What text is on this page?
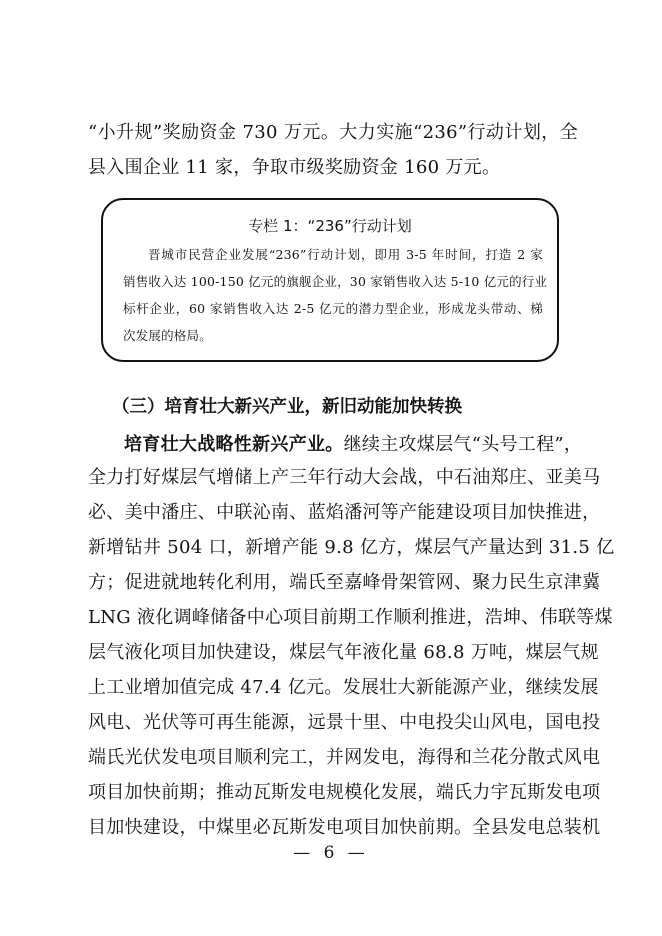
“小升规”奖励资金 730 万元。大力实施“236”行动计划，全
县入围企业 11 家，争取市级奖励资金 160 万元。
专栏 1：“236”行动计划
晋城市民营企业发展“236”行动计划，即用 3-5 年时间，打造 2 家
销售收入达 100-150 亿元的旗舰企业，30 家销售收入达 5-10 亿元的行业
标杆企业，60 家销售收入达 2-5 亿元的潜力型企业，形成龙头带动、梯
次发展的格局。
（三）培育壮大新兴产业，新旧动能加快转换
培育壮大战略性新兴产业。继续主攻煤层气“头号工程”，
全力打好煤层气增储上产三年行动大会战，中石油郑庄、亚美马
必、美中潘庄、中联沁南、蓝焰潘河等产能建设项目加快推进，
新增钻井 504 口，新增产能 9.8 亿方，煤层气产量达到 31.5 亿
方；促进就地转化利用，端氏至嘉峰骨架管网、聚力民生京津冀
LNG 液化调峰储备中心项目前期工作顺利推进，浩坤、伟联等煤
层气液化项目加快建设，煤层气年液化量 68.8 万吨，煤层气规
上工业增加值完成 47.4 亿元。发展壮大新能源产业，继续发展
风电、光伏等可再生能源，远景十里、中电投尖山风电，国电投
端氏光伏发电项目顺利完工，并网发电，海得和兰花分散式风电
项目加快前期；推动瓦斯发电规模化发展，端氏力宇瓦斯发电项
目加快建设，中煤里必瓦斯发电项目加快前期。全县发电总装机
— 6 —
